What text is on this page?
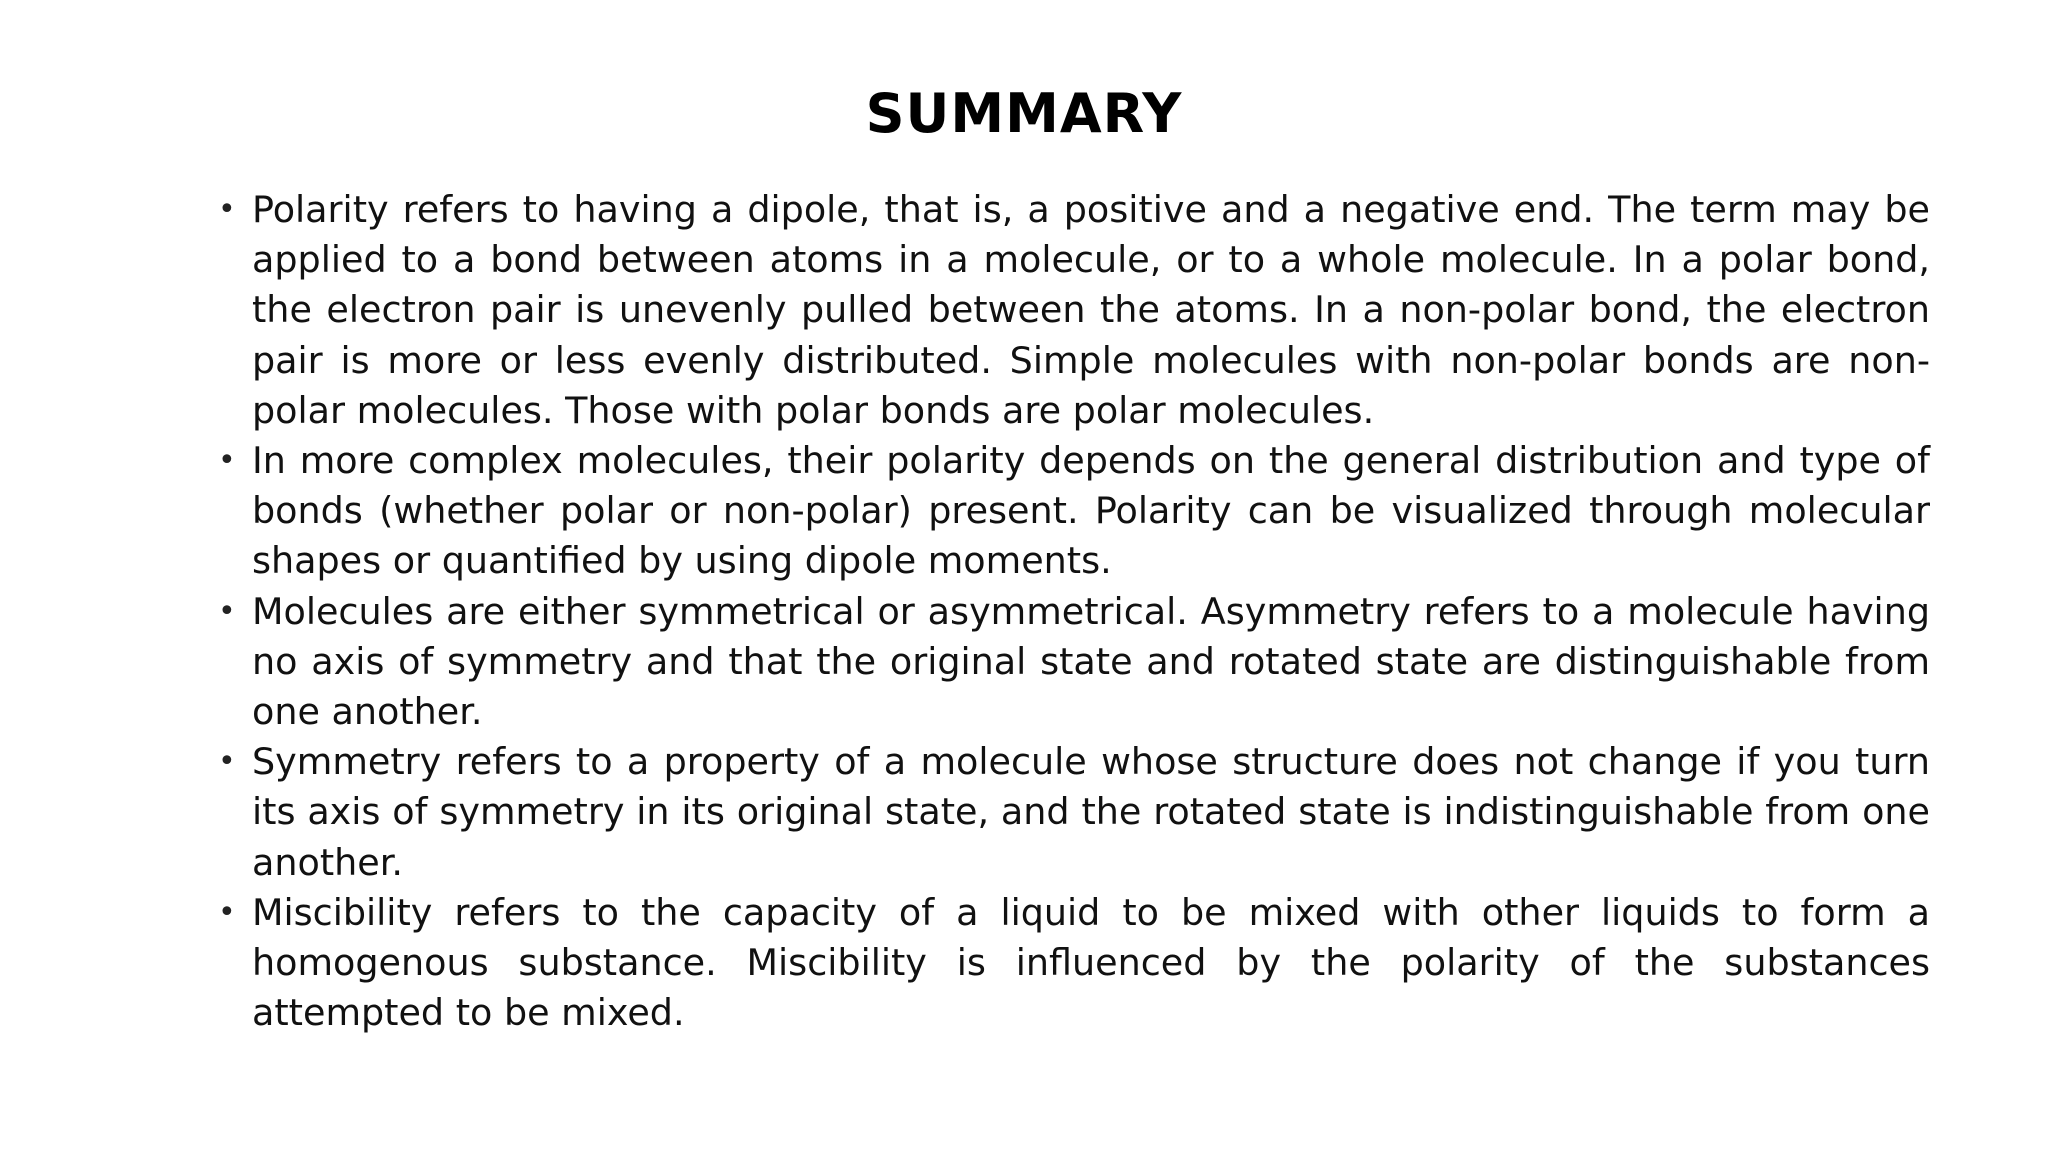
SUMMARY
• Polarity refers to having a dipole, that is, a positive and a negative end. The term may be applied to a bond between atoms in a molecule, or to a whole molecule. In a polar bond, the electron pair is unevenly pulled between the atoms. In a non-polar bond, the electron pair is more or less evenly distributed. Simple molecules with non-polar bonds are non-polar molecules. Those with polar bonds are polar molecules.
• In more complex molecules, their polarity depends on the general distribution and type of bonds (whether polar or non-polar) present. Polarity can be visualized through molecular shapes or quantified by using dipole moments.
• Molecules are either symmetrical or asymmetrical. Asymmetry refers to a molecule having no axis of symmetry and that the original state and rotated state are distinguishable from one another.
• Symmetry refers to a property of a molecule whose structure does not change if you turn its axis of symmetry in its original state, and the rotated state is indistinguishable from one another.
• Miscibility refers to the capacity of a liquid to be mixed with other liquids to form a homogenous substance. Miscibility is influenced by the polarity of the substances attempted to be mixed.
